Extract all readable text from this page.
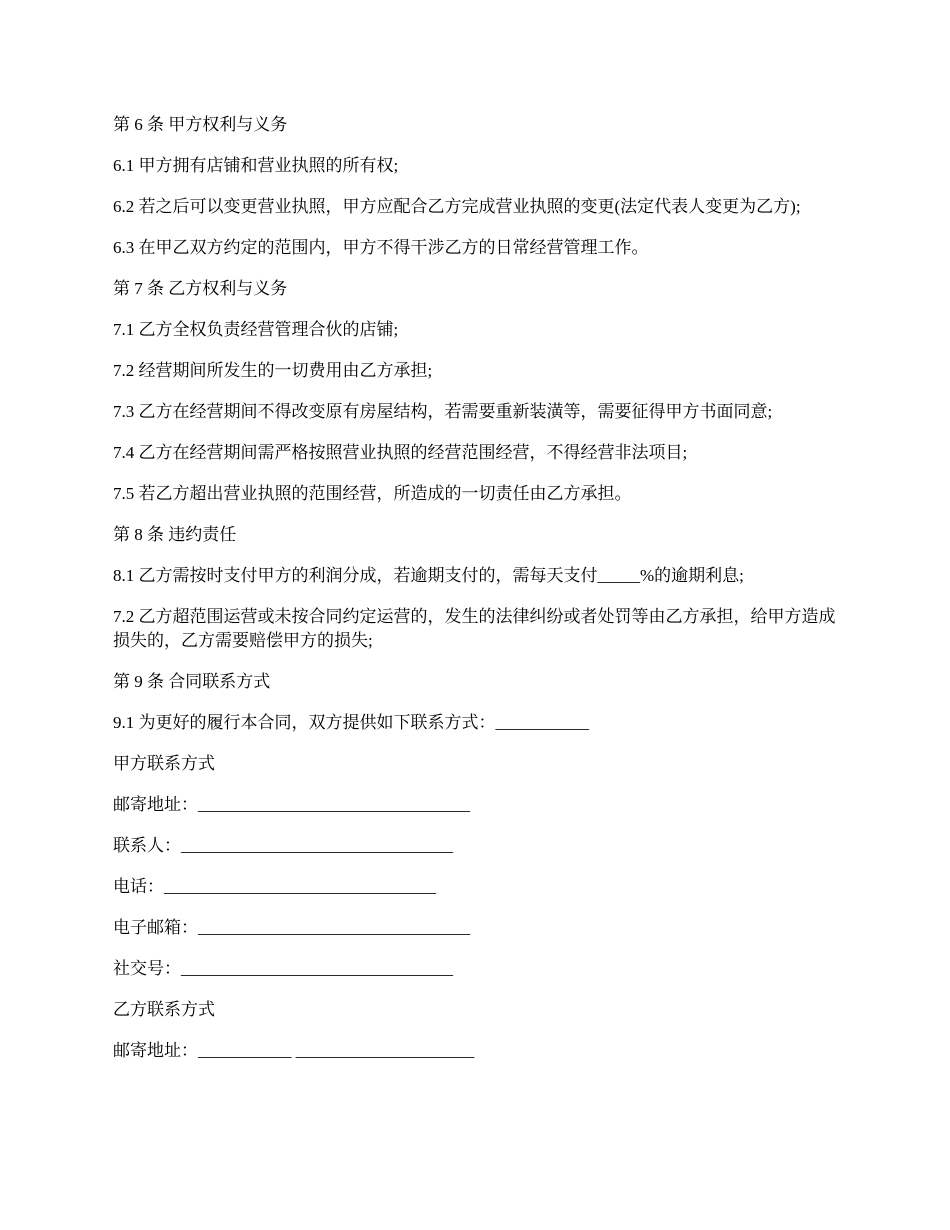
第 6 条 甲方权利与义务

6.1 甲方拥有店铺和营业执照的所有权;

6.2 若之后可以变更营业执照，甲方应配合乙方完成营业执照的变更(法定代表人变更为乙方);

6.3 在甲乙双方约定的范围内，甲方不得干涉乙方的日常经营管理工作。

第 7 条 乙方权利与义务

7.1 乙方全权负责经营管理合伙的店铺;

7.2 经营期间所发生的一切费用由乙方承担;

7.3 乙方在经营期间不得改变原有房屋结构，若需要重新装潢等，需要征得甲方书面同意;

7.4 乙方在经营期间需严格按照营业执照的经营范围经营，不得经营非法项目;

7.5 若乙方超出营业执照的范围经营，所造成的一切责任由乙方承担。

第 8 条 违约责任

8.1 乙方需按时支付甲方的利润分成，若逾期支付的，需每天支付_____%的逾期利息;

7.2 乙方超范围运营或未按合同约定运营的，发生的法律纠纷或者处罚等由乙方承担，给甲方造成损失的，乙方需要赔偿甲方的损失;

第 9 条 合同联系方式

9.1 为更好的履行本合同，双方提供如下联系方式：___________

甲方联系方式

邮寄地址：________________________________

联系人：________________________________

电话：________________________________

电子邮箱：________________________________

社交号：________________________________

乙方联系方式

邮寄地址：___________ _____________________
